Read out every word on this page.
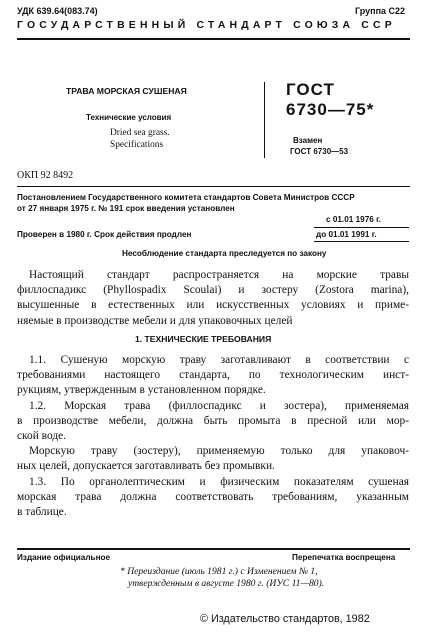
УДК 639.64(083.74)	Группа С22
ГОСУДАРСТВЕННЫЙ СТАНДАРТ СОЮЗА ССР
ТРАВА МОРСКАЯ СУШЕНАЯ
Технические условия
Dried sea grass.
Specifications
ГОСТ
6730—75*
Взамен
ГОСТ 6730—53
ОКП 92 8492
Постановлением Государственного комитета стандартов Совета Министров СССР
от 27 января 1975 г. № 191 срок введения установлен
с 01.01 1976 г.
Проверен в 1980 г. Срок действия продлен	до 01.01 1991 г.
Несоблюдение стандарта преследуется по закону
Настоящий стандарт распространяется на морские травы
филлоспадикс (Phyllospadix Scoulai) и зостеру (Zostora marina),
высушенные в естественных или искусственных условиях и приме-
няемые в производстве мебели и для упаковочных целей
1. ТЕХНИЧЕСКИЕ ТРЕБОВАНИЯ
1.1. Сушеную морскую траву заготавливают в соответствии с
требованиями настоящего стандарта, по технологическим инст-
рукциям, утвержденным в установленном порядке.
1.2. Морская трава (филлоспадикс и зостера), применяемая
в производстве мебели, должна быть промыта в пресной или мор-
ской воде.
Морскую траву (зостеру), применяемую только для упаковоч-
ных целей, допускается заготавливать без промывки.
1.3. По органолептическим и физическим показателям сушеная
морская трава должна соответствовать требованиям, указанным
в таблице.
Издание официальное	Перепечатка воспрещена
* Переиздание (июль 1981 г.) с Изменением № 1,
утвержденным в августе 1980 г. (ИУС 11—80).
© Издательство стандартов, 1982
